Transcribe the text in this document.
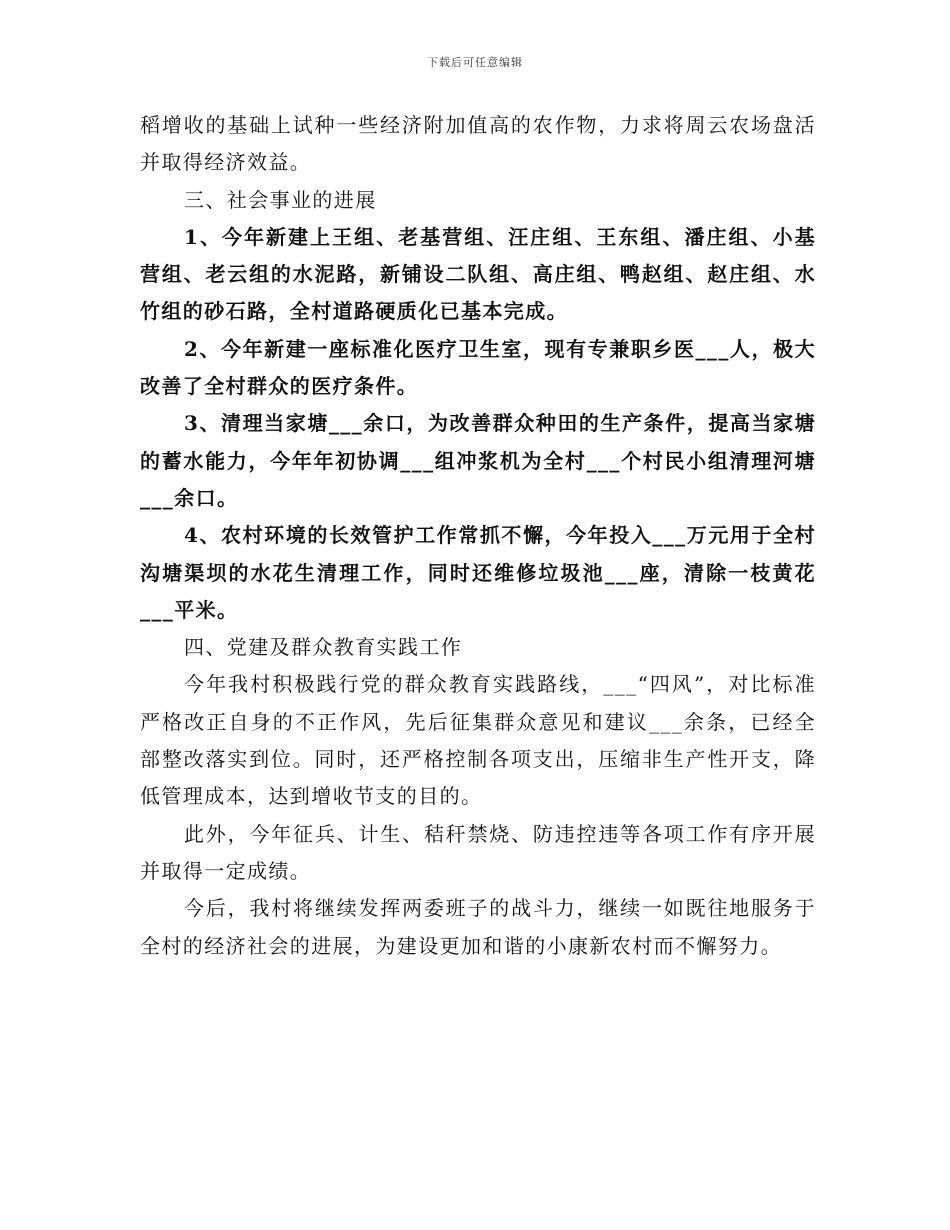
下载后可任意编辑

稻增收的基础上试种一些经济附加值高的农作物，力求将周云农场盘活并取得经济效益。

三、社会事业的进展

1、今年新建上王组、老基营组、汪庄组、王东组、潘庄组、小基营组、老云组的水泥路，新铺设二队组、高庄组、鸭赵组、赵庄组、水竹组的砂石路，全村道路硬质化已基本完成。

2、今年新建一座标准化医疗卫生室，现有专兼职乡医___人，极大改善了全村群众的医疗条件。

3、清理当家塘___余口，为改善群众种田的生产条件，提高当家塘的蓄水能力，今年年初协调___组冲浆机为全村___个村民小组清理河塘___余口。

4、农村环境的长效管护工作常抓不懈，今年投入___万元用于全村沟塘渠坝的水花生清理工作，同时还维修垃圾池___座，清除一枝黄花___平米。

四、党建及群众教育实践工作

今年我村积极践行党的群众教育实践路线，___“四风”，对比标准严格改正自身的不正作风，先后征集群众意见和建议___余条，已经全部整改落实到位。同时，还严格控制各项支出，压缩非生产性开支，降低管理成本，达到增收节支的目的。

此外，今年征兵、计生、秸秆禁烧、防违控违等各项工作有序开展并取得一定成绩。

今后，我村将继续发挥两委班子的战斗力，继续一如既往地服务于全村的经济社会的进展，为建设更加和谐的小康新农村而不懈努力。
